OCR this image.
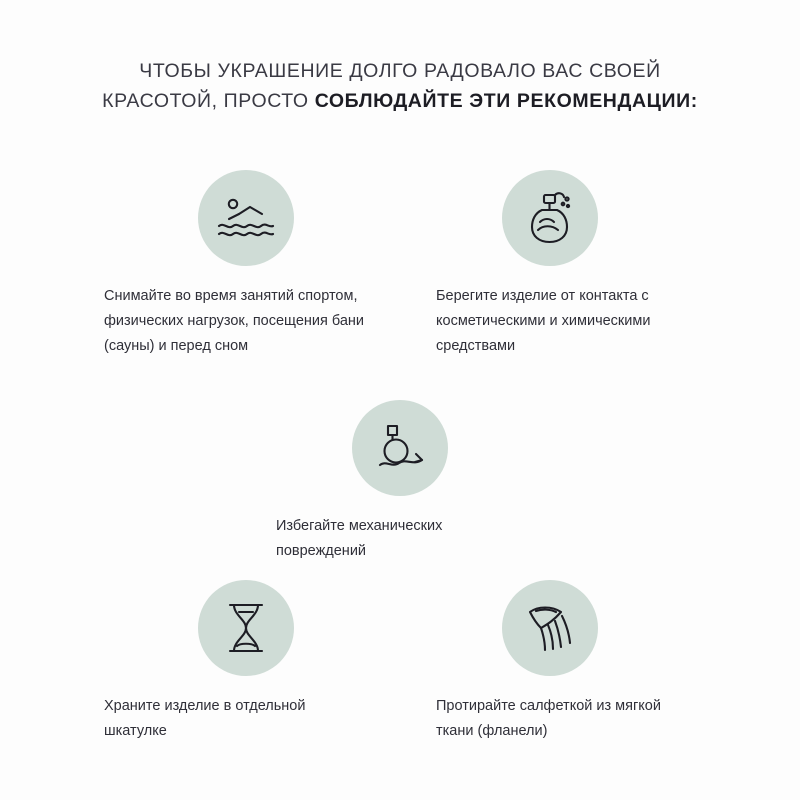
ЧТОБЫ УКРАШЕНИЕ ДОЛГО РАДОВАЛО ВАС СВОЕЙ
КРАСОТОЙ, ПРОСТО СОБЛЮДАЙТЕ ЭТИ РЕКОМЕНДАЦИИ:
Снимайте во время занятий спортом, физических нагрузок, посещения бани (сауны) и перед сном
Берегите изделие от контакта с косметическими и химическими средствами
Избегайте механических повреждений
Храните изделие в отдельной шкатулке
Протирайте салфеткой из мягкой ткани (фланели)
